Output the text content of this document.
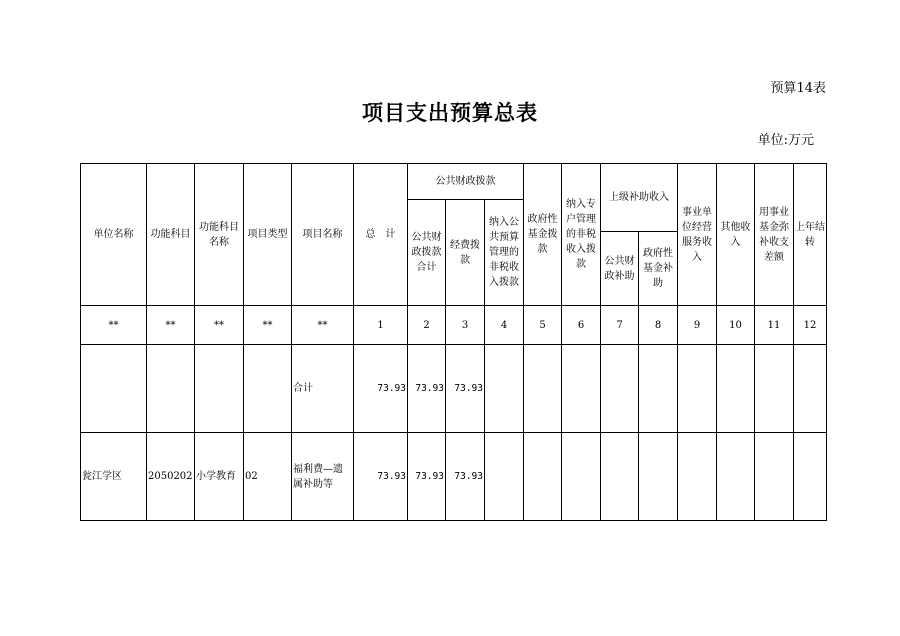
预算14表
项目支出预算总表
单位:万元
单位名称	功能科目	功能科目名称	项目类型	项目名称	总　计	公共财政拨款			政府性基金拨款	纳入专户管理的非税收入拨款	上级补助收入		事业单位经营服务收入	其他收入	用事业基金弥补收支差额	上年结转
						公共财政拨款合计	经费拨款	纳入公共预算管理的非税收入拨款								
											公共财政补助	政府性基金补助				
**	**	**	**	**	1	2	3	4	5	6	7	8	9	10	11	12
				合计	73.93	73.93	73.93									
瓮江学区	2050202	小学教育	02	福利费—遗属补助等	73.93	73.93	73.93									
